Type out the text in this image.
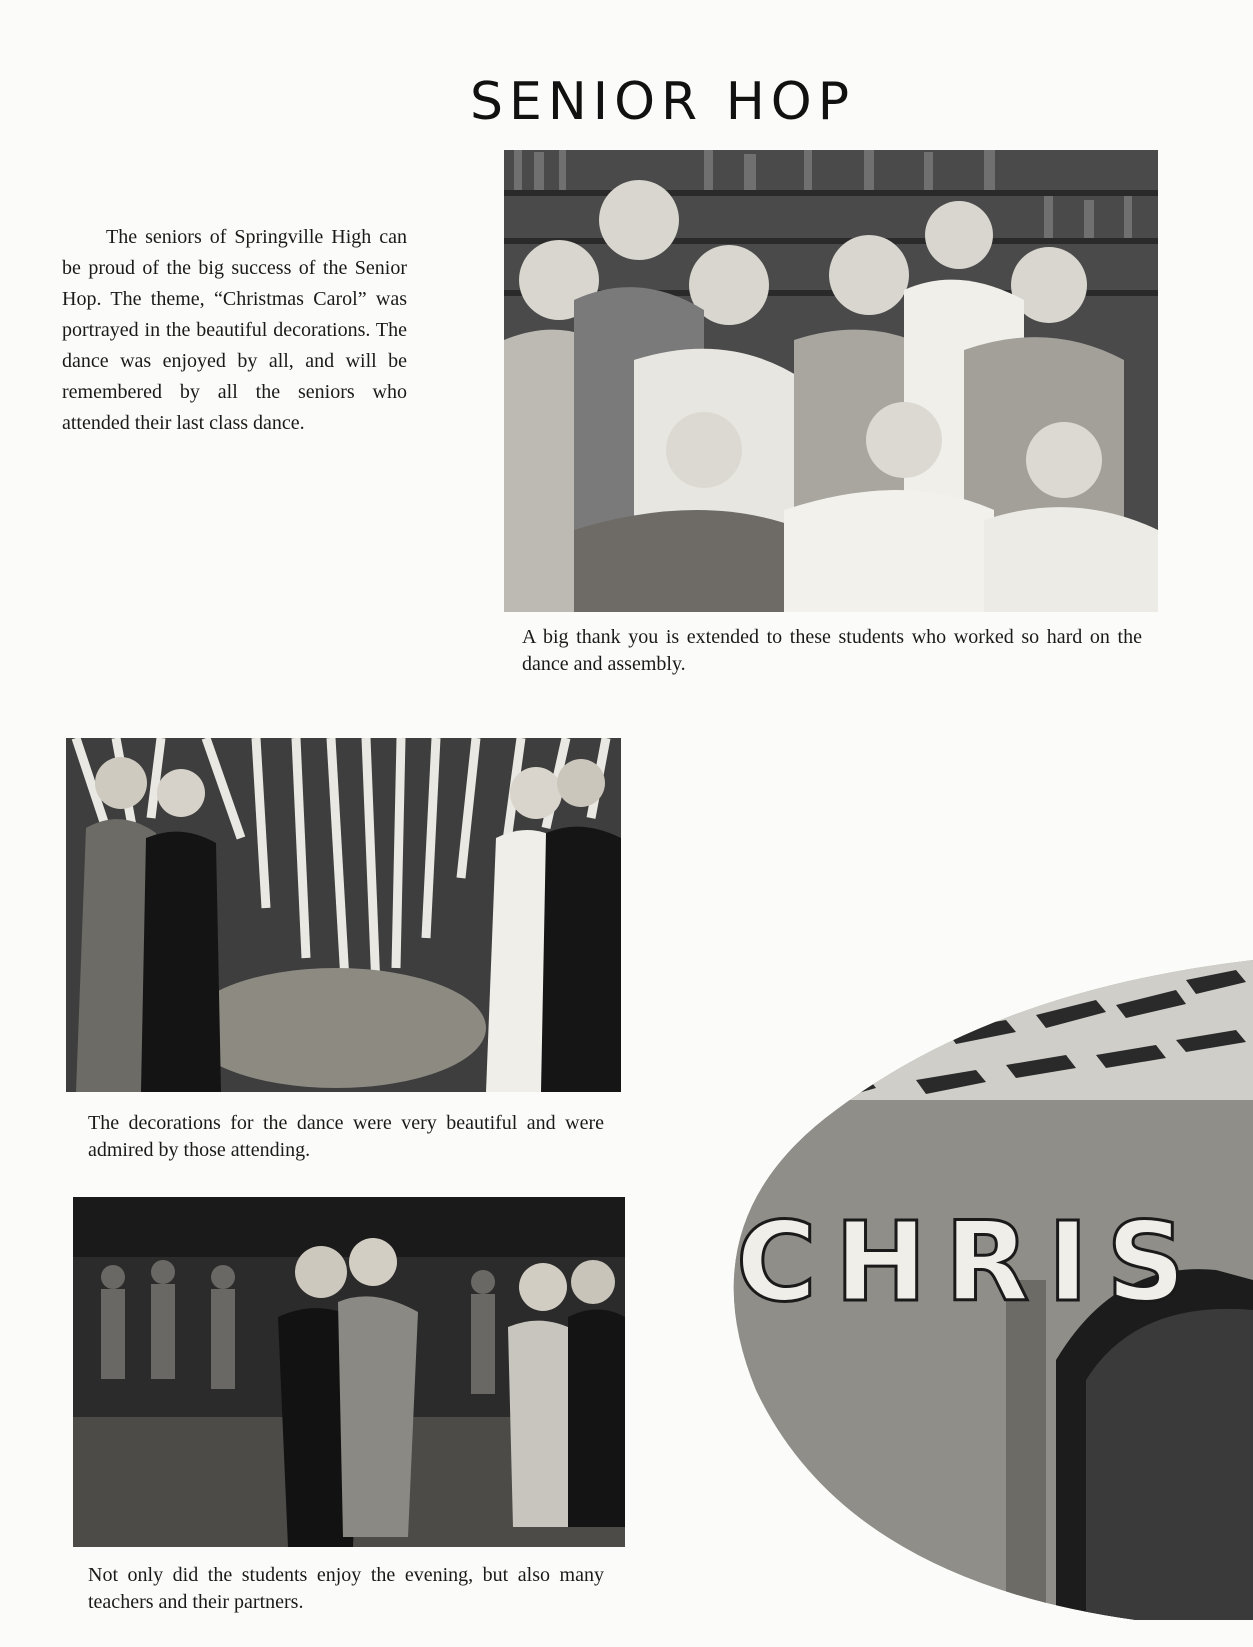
SENIOR HOP

The seniors of Springville High can be proud of the big success of the Senior Hop. The theme, “Christmas Carol” was portrayed in the beautiful decorations. The dance was enjoyed by all, and will be remembered by all the seniors who attended their last class dance.

A big thank you is extended to these students who worked so hard on the dance and assembly.

The decorations for the dance were very beautiful and were admired by those attending.

Not only did the students enjoy the evening, but also many teachers and their partners.

CHRIS
